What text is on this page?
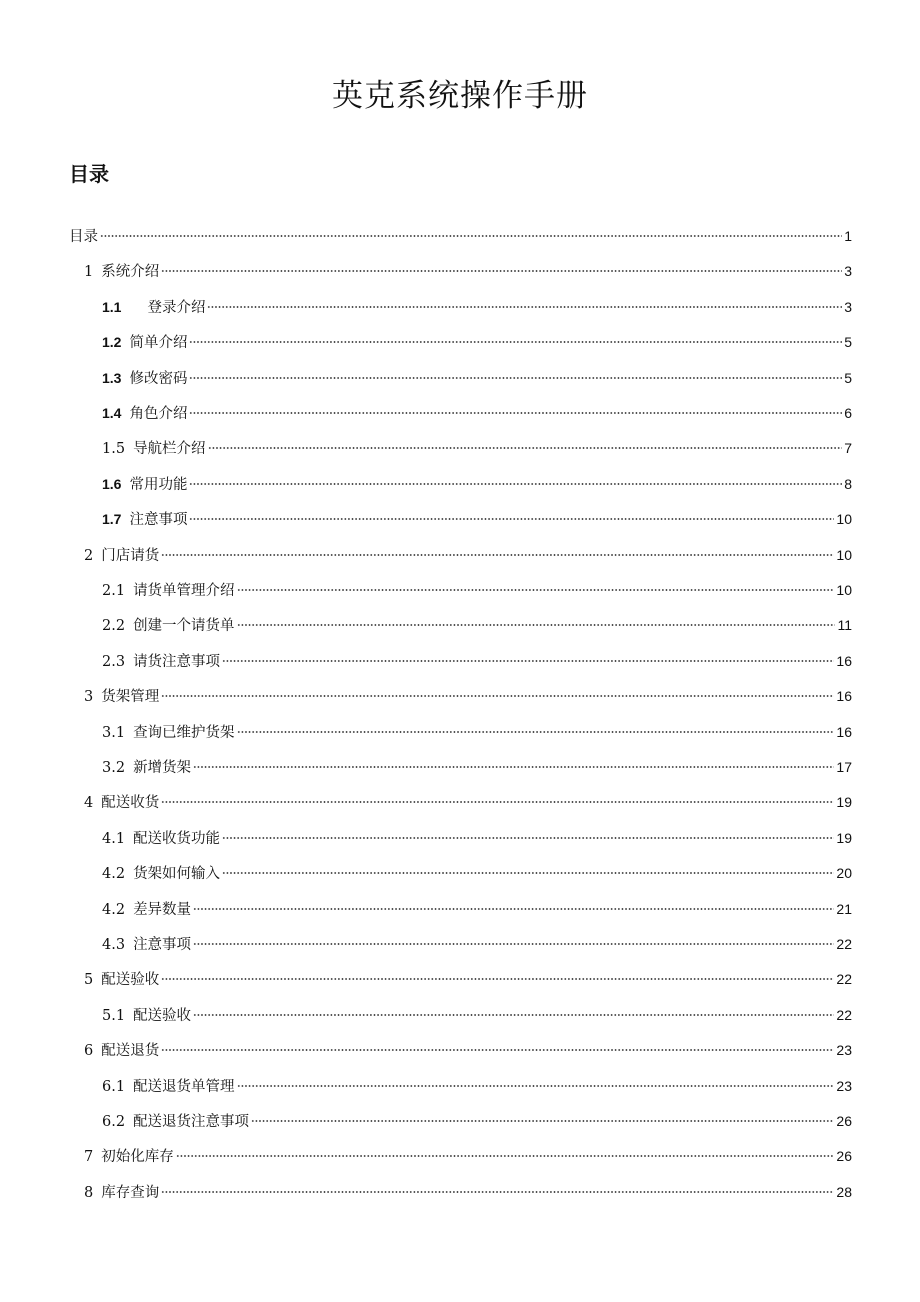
英克系统操作手册
目录
目录	1
1 系统介绍	3
1.1 登录介绍	3
1.2 简单介绍	5
1.3 修改密码	5
1.4 角色介绍	6
1.5 导航栏介绍	7
1.6 常用功能	8
1.7 注意事项	10
2 门店请货	10
2.1 请货单管理介绍	10
2.2 创建一个请货单	11
2.3 请货注意事项	16
3 货架管理	16
3.1 查询已维护货架	16
3.2 新增货架	17
4 配送收货	19
4.1 配送收货功能	19
4.2 货架如何输入	20
4.2 差异数量	21
4.3 注意事项	22
5 配送验收	22
5.1 配送验收	22
6 配送退货	23
6.1 配送退货单管理	23
6.2 配送退货注意事项	26
7 初始化库存	26
8 库存查询	28
